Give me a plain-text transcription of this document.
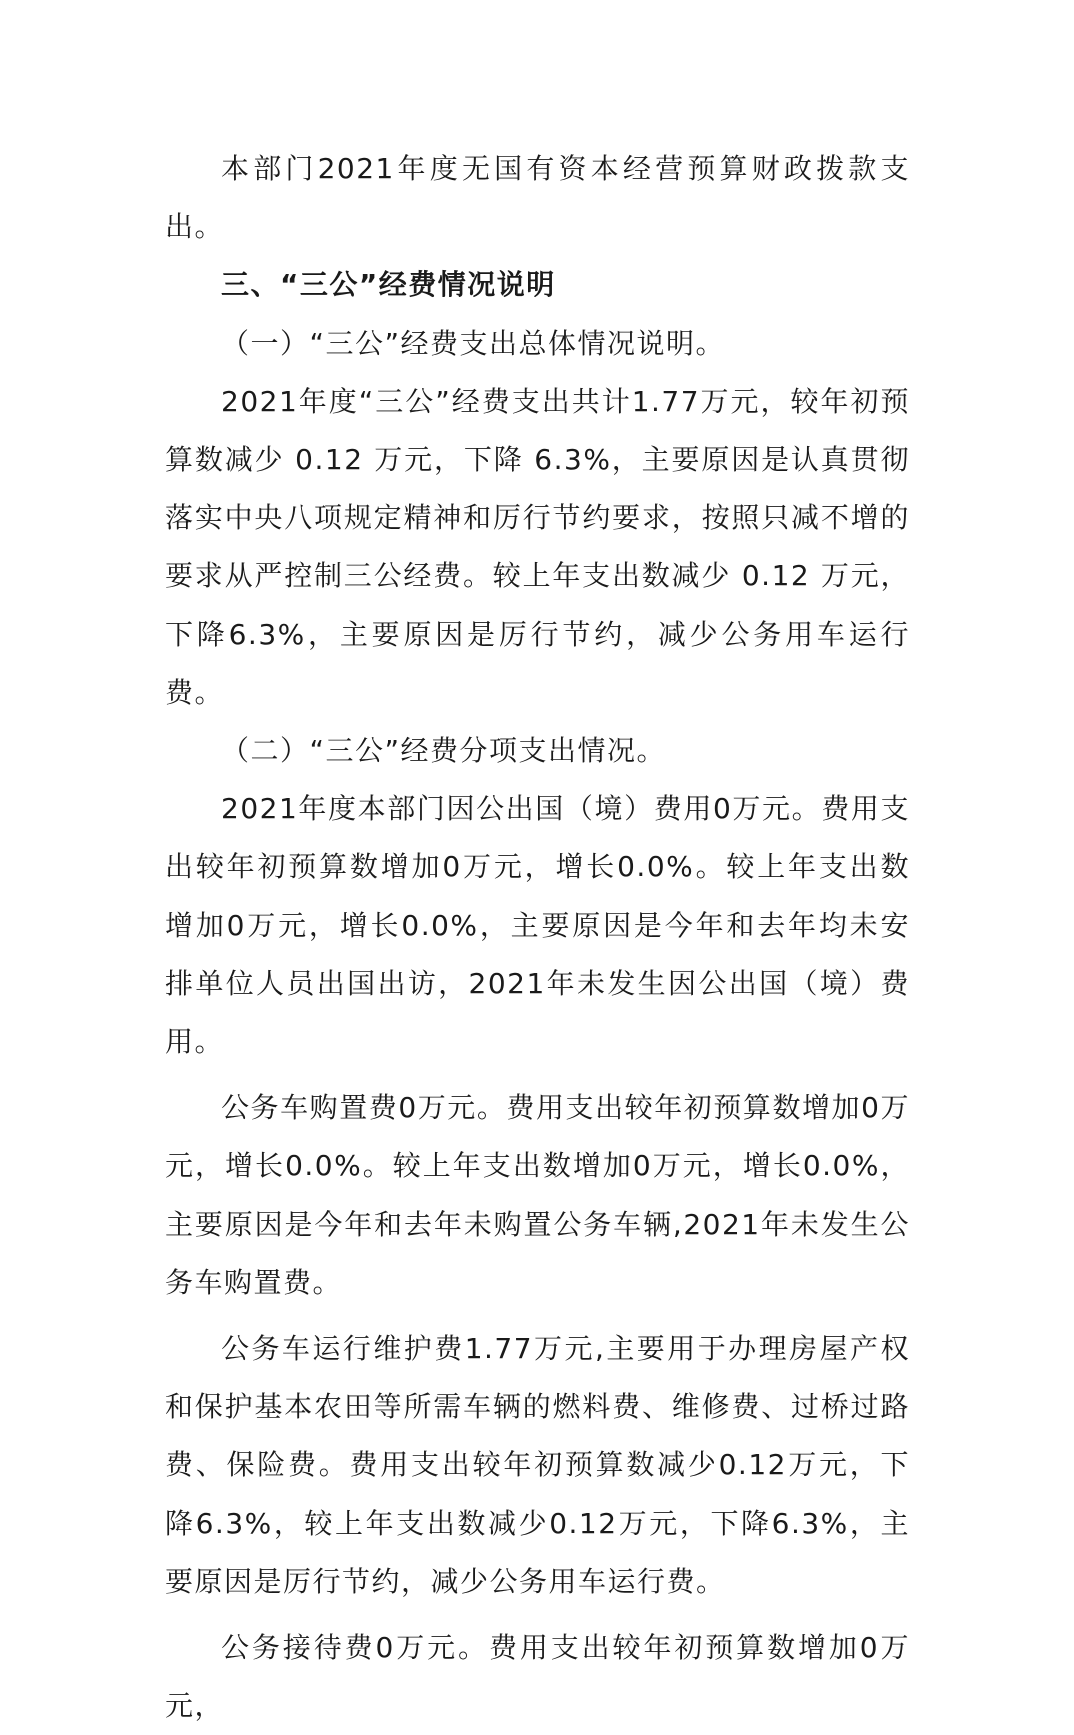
本部门2021年度无国有资本经营预算财政拨款支出。

三、“三公”经费情况说明

（一）“三公”经费支出总体情况说明。

2021年度“三公”经费支出共计1.77万元，较年初预算数减少 0.12 万元，下降 6.3%，主要原因是认真贯彻落实中央八项规定精神和厉行节约要求，按照只减不增的要求从严控制三公经费。较上年支出数减少 0.12 万元，下降6.3%，主要原因是厉行节约，减少公务用车运行费。

（二）“三公”经费分项支出情况。

2021年度本部门因公出国（境）费用0万元。费用支出较年初预算数增加0万元，增长0.0%。较上年支出数增加0万元，增长0.0%，主要原因是今年和去年均未安排单位人员出国出访，2021年未发生因公出国（境）费用。

公务车购置费0万元。费用支出较年初预算数增加0万元，增长0.0%。较上年支出数增加0万元，增长0.0%，主要原因是今年和去年未购置公务车辆,2021年未发生公务车购置费。

公务车运行维护费1.77万元,主要用于办理房屋产权和保护基本农田等所需车辆的燃料费、维修费、过桥过路费、保险费。费用支出较年初预算数减少0.12万元，下降6.3%，较上年支出数减少0.12万元，下降6.3%，主要原因是厉行节约，减少公务用车运行费。

公务接待费0万元。费用支出较年初预算数增加0万元，
